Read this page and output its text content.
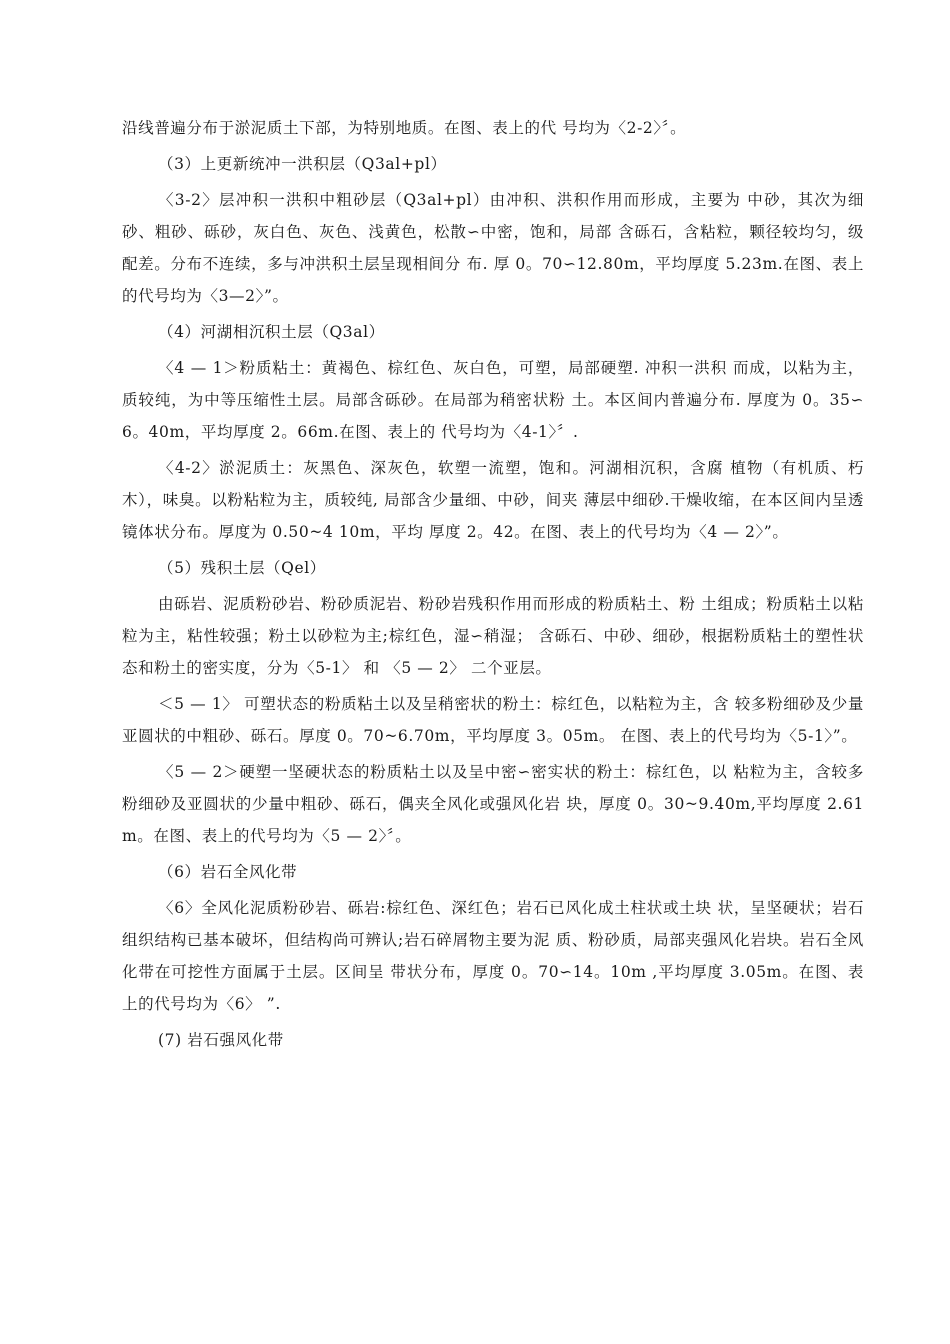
沿线普遍分布于淤泥质土下部，为特别地质。在图、表上的代 号均为〈2-2〉〞。

（3）上更新统冲一洪积层（Q3al+pl）

〈3-2〉层冲积一洪积中粗砂层（Q3al+pl）由冲积、洪积作用而形成，主要为 中砂，其次为细砂、粗砂、砾砂，灰白色、灰色、浅黄色，松散∽中密，饱和，局部 含砾石，含粘粒，颗径较均匀，级配差。分布不连续，多与冲洪积土层呈现相间分 布. 厚 0。70∽12.80m，平均厚度 5.23m.在图、表上的代号均为〈3—2〉”。

（4）河湖相沉积土层（Q3al）

〈4 — 1＞粉质粘土：黄褐色、棕红色、灰白色，可塑，局部硬塑. 冲积一洪积 而成，以粘为主，质较纯，为中等压缩性土层。局部含砾砂。在局部为稍密状粉 土。本区间内普遍分布. 厚度为 0。35∽6。40m，平均厚度 2。66m.在图、表上的 代号均为〈4-1〉〞.

〈4-2〉淤泥质土：灰黑色、深灰色，软塑一流塑，饱和。河湖相沉积，含腐 植物（有机质、朽木），味臭。以粉粘粒为主，质较纯, 局部含少量细、中砂，间夹 薄层中细砂.干燥收缩，在本区间内呈透镜体状分布。厚度为 0.50~4 10m，平均 厚度 2。42。在图、表上的代号均为〈4 — 2〉”。

（5）残积土层（Qel）

由砾岩、泥质粉砂岩、粉砂质泥岩、粉砂岩残积作用而形成的粉质粘土、粉 土组成；粉质粘土以粘粒为主，粘性较强；粉土以砂粒为主;棕红色，湿∽稍湿； 含砾石、中砂、细砂，根据粉质粘土的塑性状态和粉土的密实度，分为〈5-1〉 和 〈5 — 2〉 二个亚层。

＜5 — 1〉 可塑状态的粉质粘土以及呈稍密状的粉土：棕红色，以粘粒为主，含 较多粉细砂及少量亚圆状的中粗砂、砾石。厚度 0。70~6.70m，平均厚度 3。05m。 在图、表上的代号均为〈5-1〉”。

〈5 — 2＞硬塑一坚硬状态的粉质粘土以及呈中密∽密实状的粉土：棕红色，以 粘粒为主，含较多粉细砂及亚圆状的少量中粗砂、砾石，偶夹全风化或强风化岩 块，厚度 0。30~9.40m,平均厚度 2.61m。在图、表上的代号均为〈5 — 2〉〞。

（6）岩石全风化带

〈6〉全风化泥质粉砂岩、砾岩:棕红色、深红色；岩石已风化成土柱状或土块 状，呈坚硬状；岩石组织结构已基本破坏，但结构尚可辨认;岩石碎屑物主要为泥 质、粉砂质，局部夹强风化岩块。岩石全风化带在可挖性方面属于土层。区间呈 带状分布，厚度 0。70∽14。10m ,平均厚度 3.05m。在图、表上的代号均为〈6〉 ”.

(7) 岩石强风化带
